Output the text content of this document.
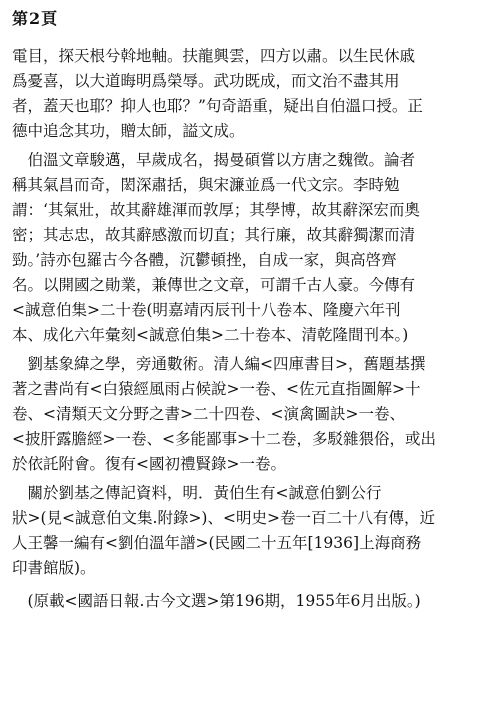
第2頁
電目，探天根兮斡地軸。扶龍興雲，四方以肅。以生民休戚
爲憂喜，以大道晦明爲榮辱。武功既成，而文治不盡其用
者，蓋天也耶？抑人也耶？”句奇語重，疑出自伯溫口授。正
德中追念其功，贈太師，謚文成。
　伯溫文章駿邁，早歲成名，揭曼碩嘗以方唐之魏徵。論者
稱其氣昌而奇，閎深肅括，與宋濂並爲一代文宗。李時勉
謂：‘其氣壯，故其辭雄渾而敦厚；其學博，故其辭深宏而奧
密；其志忠，故其辭感激而切直；其行廉，故其辭獨潔而清
勁。’詩亦包羅古今各體，沉鬱頓挫，自成一家，與高啓齊
名。以開國之勛業，兼傳世之文章，可謂千古人豪。今傳有
<誠意伯集>二十卷(明嘉靖丙辰刊十八卷本、隆慶六年刊
本、成化六年彙刻<誠意伯集>二十卷本、清乾隆間刊本。)
　劉基象緯之學，旁通數術。清人編<四庫書目>，舊題基撰
著之書尚有<白猿經風雨占候說>一卷、<佐元直指圖解>十
卷、<清類天文分野之書>二十四卷、<演禽圖訣>一卷、
<披肝露膽經>一卷、<多能鄙事>十二卷，多駁雜猥俗，或出
於依託附會。復有<國初禮賢錄>一卷。
　關於劉基之傳記資料，明．黃伯生有<誠意伯劉公行
狀>(見<誠意伯文集.附錄>)、<明史>卷一百二十八有傳，近
人王馨一編有<劉伯溫年譜>(民國二十五年[1936]上海商務
印書館版)。
　(原載<國語日報.古今文選>第196期，1955年6月出版。)
